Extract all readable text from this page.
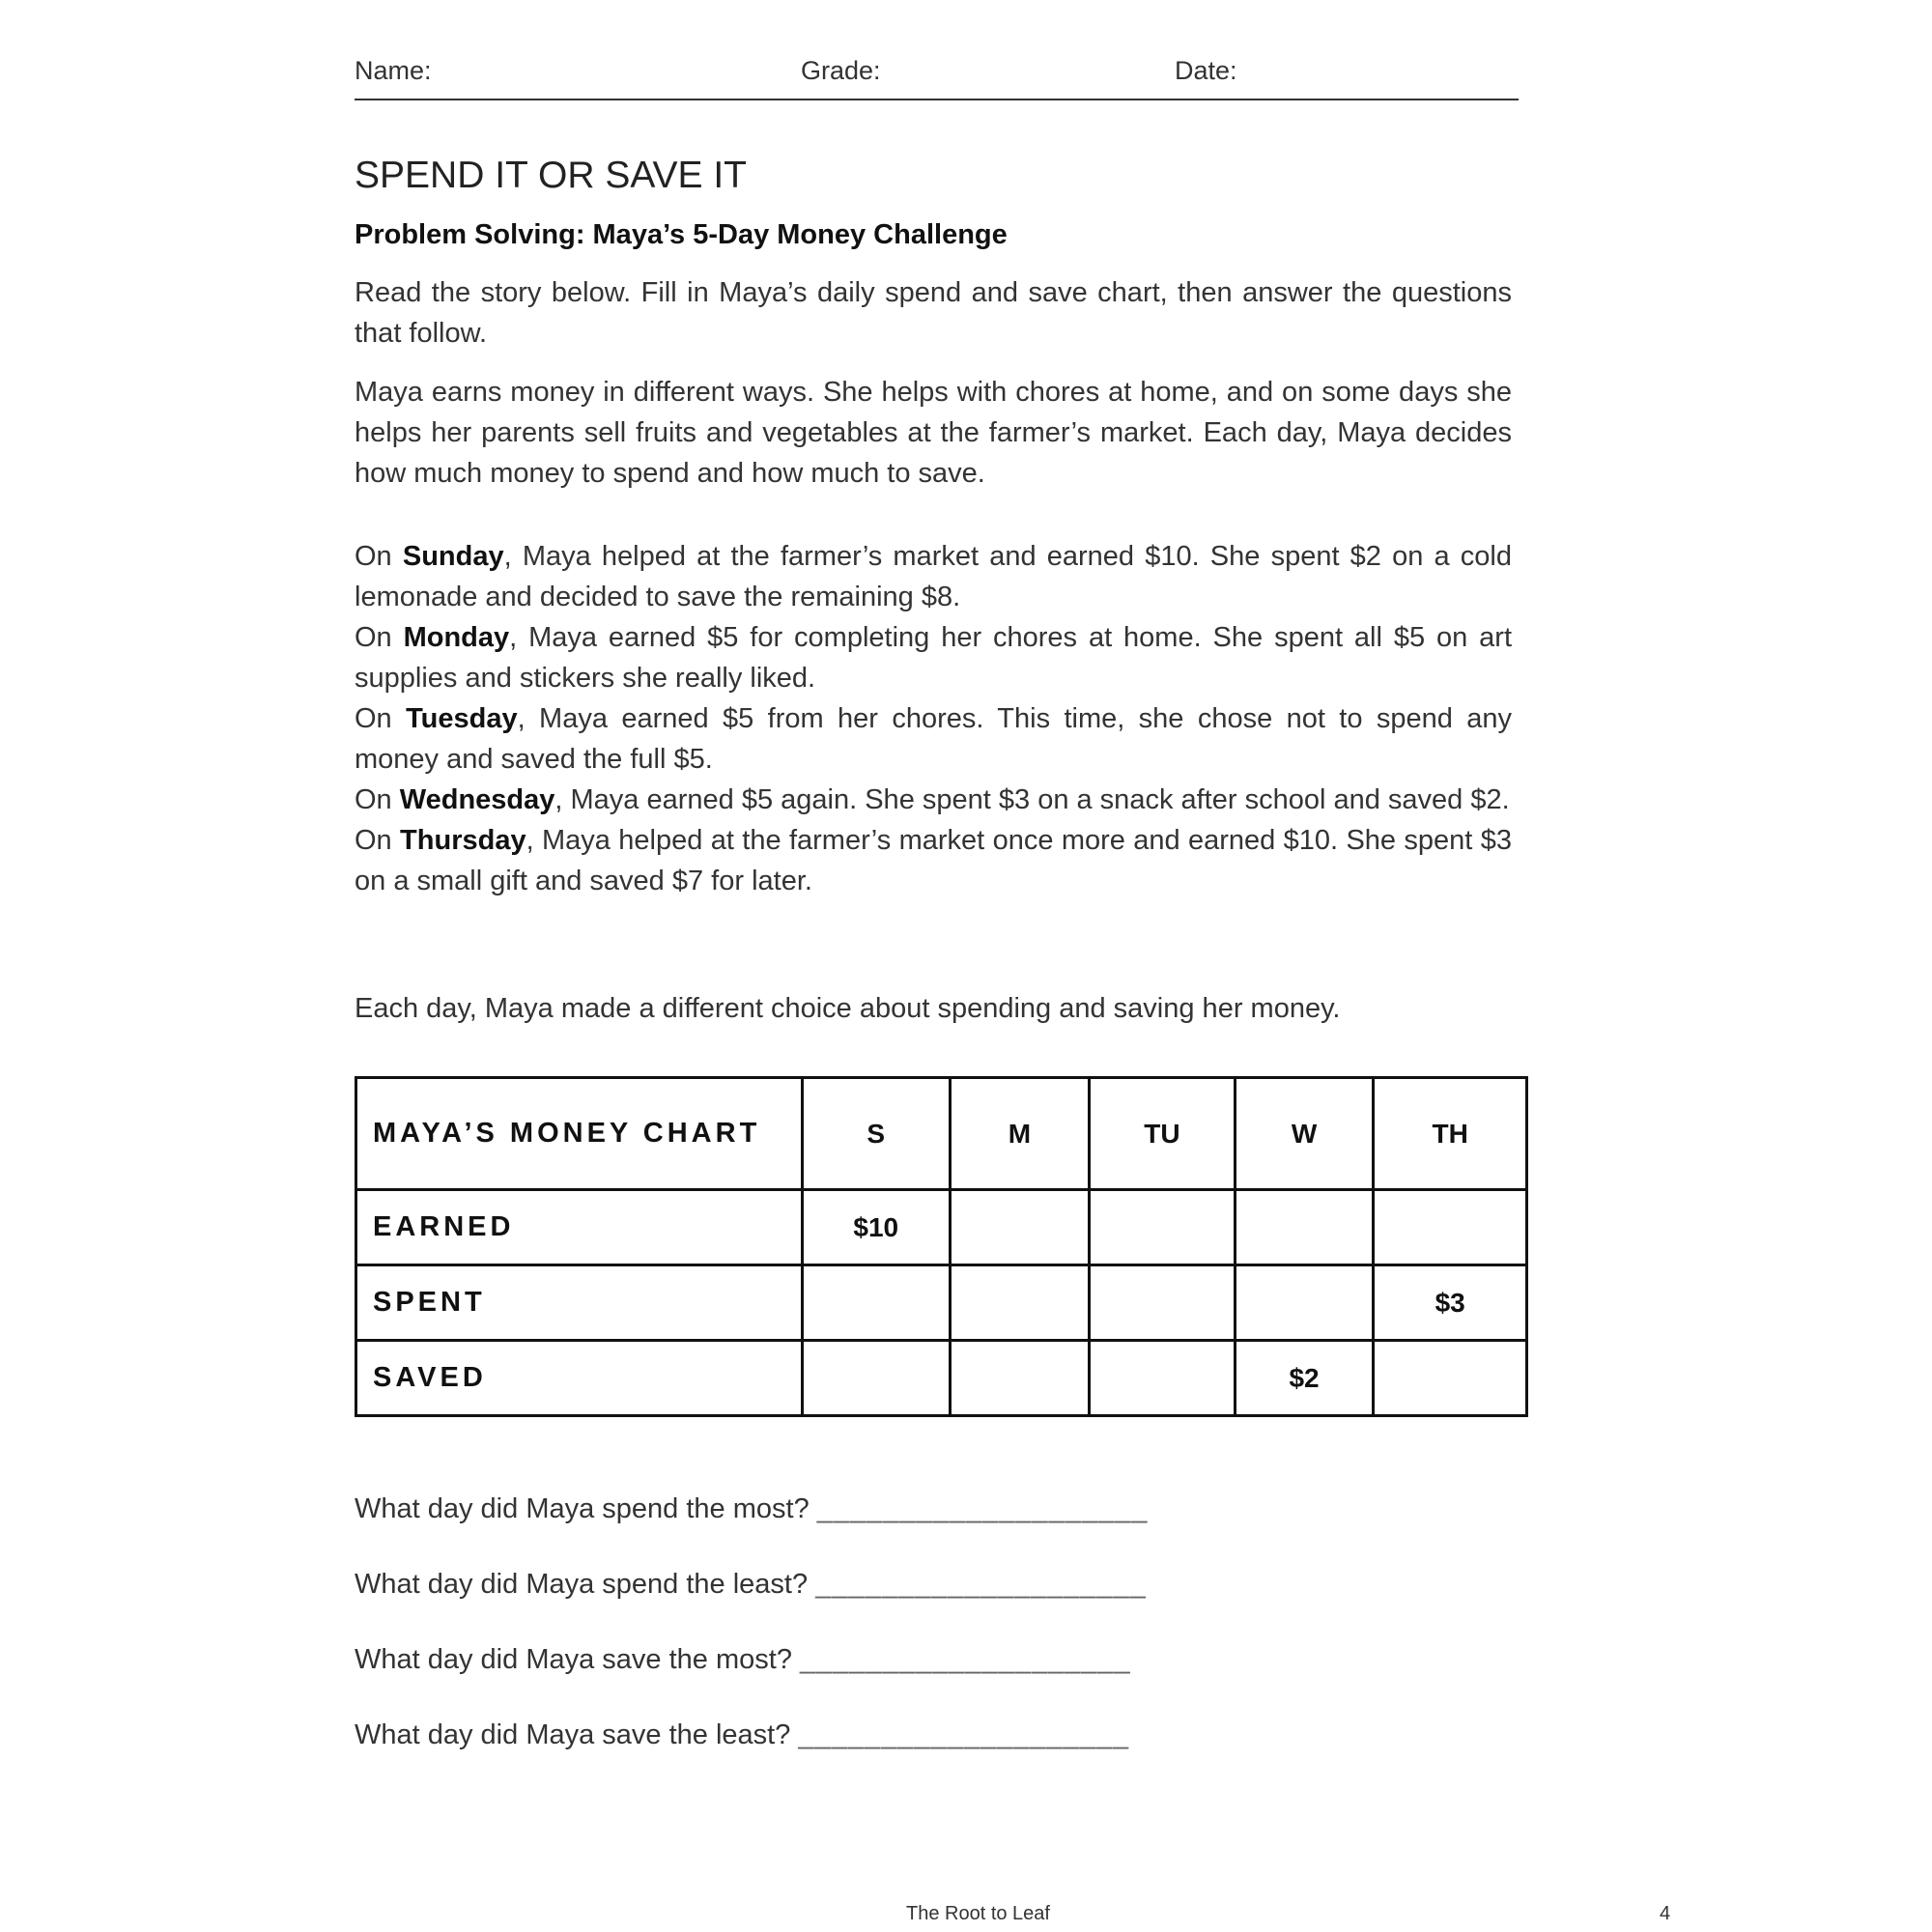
Name:	Grade:	Date:
SPEND IT OR SAVE IT
Problem Solving: Maya’s 5-Day Money Challenge

Read the story below. Fill in Maya’s daily spend and save chart, then answer the questions that follow.

Maya earns money in different ways. She helps with chores at home, and on some days she helps her parents sell fruits and vegetables at the farmer’s market. Each day, Maya decides how much money to spend and how much to save.

On Sunday, Maya helped at the farmer’s market and earned $10. She spent $2 on a cold lemonade and decided to save the remaining $8.

On Monday, Maya earned $5 for completing her chores at home. She spent all $5 on art supplies and stickers she really liked.

On Tuesday, Maya earned $5 from her chores. This time, she chose not to spend any money and saved the full $5.

On Wednesday, Maya earned $5 again. She spent $3 on a snack after school and saved $2.

On Thursday, Maya helped at the farmer’s market once more and earned $10. She spent $3 on a small gift and saved $7 for later.

Each day, Maya made a different choice about spending and saving her money.

MAYA’S MONEY CHART	S	M	TU	W	TH
EARNED	$10				
SPENT					$3
SAVED				$2	
What day did Maya spend the most? ____________________
What day did Maya spend the least? ____________________
What day did Maya save the most? ____________________
What day did Maya save the least? ____________________
The Root to Leaf	4
